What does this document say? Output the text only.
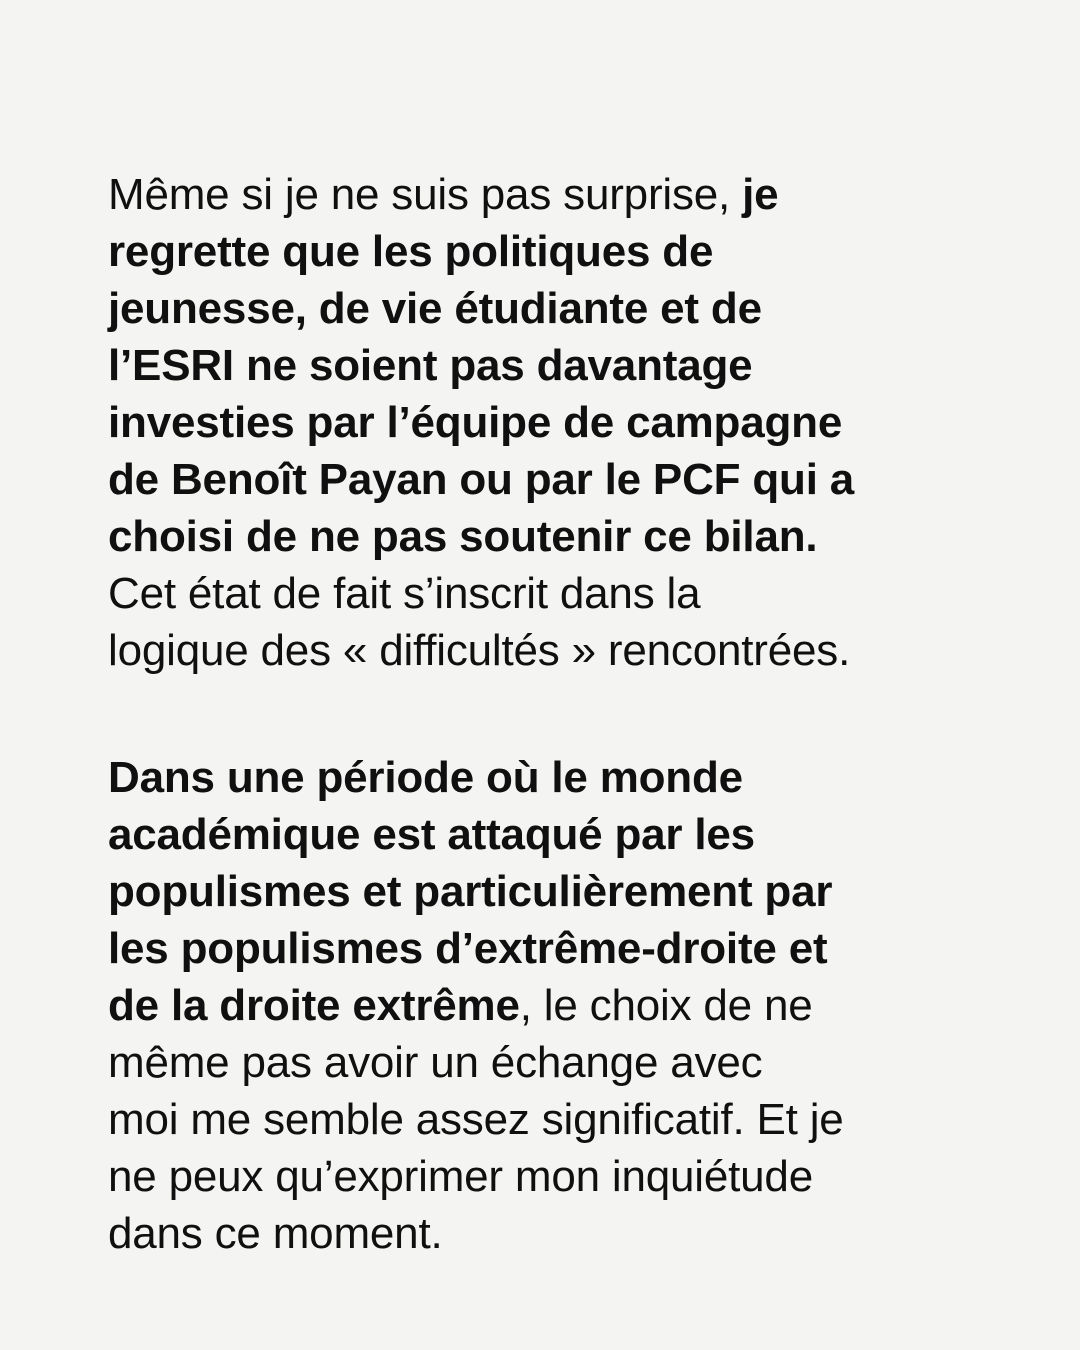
Même si je ne suis pas surprise, je
regrette que les politiques de
jeunesse, de vie étudiante et de
l’ESRI ne soient pas davantage
investies par l’équipe de campagne
de Benoît Payan ou par le PCF qui a
choisi de ne pas soutenir ce bilan.
Cet état de fait s’inscrit dans la
logique des « difficultés » rencontrées.

Dans une période où le monde
académique est attaqué par les
populismes et particulièrement par
les populismes d’extrême-droite et
de la droite extrême, le choix de ne
même pas avoir un échange avec
moi me semble assez significatif. Et je
ne peux qu’exprimer mon inquiétude
dans ce moment.
